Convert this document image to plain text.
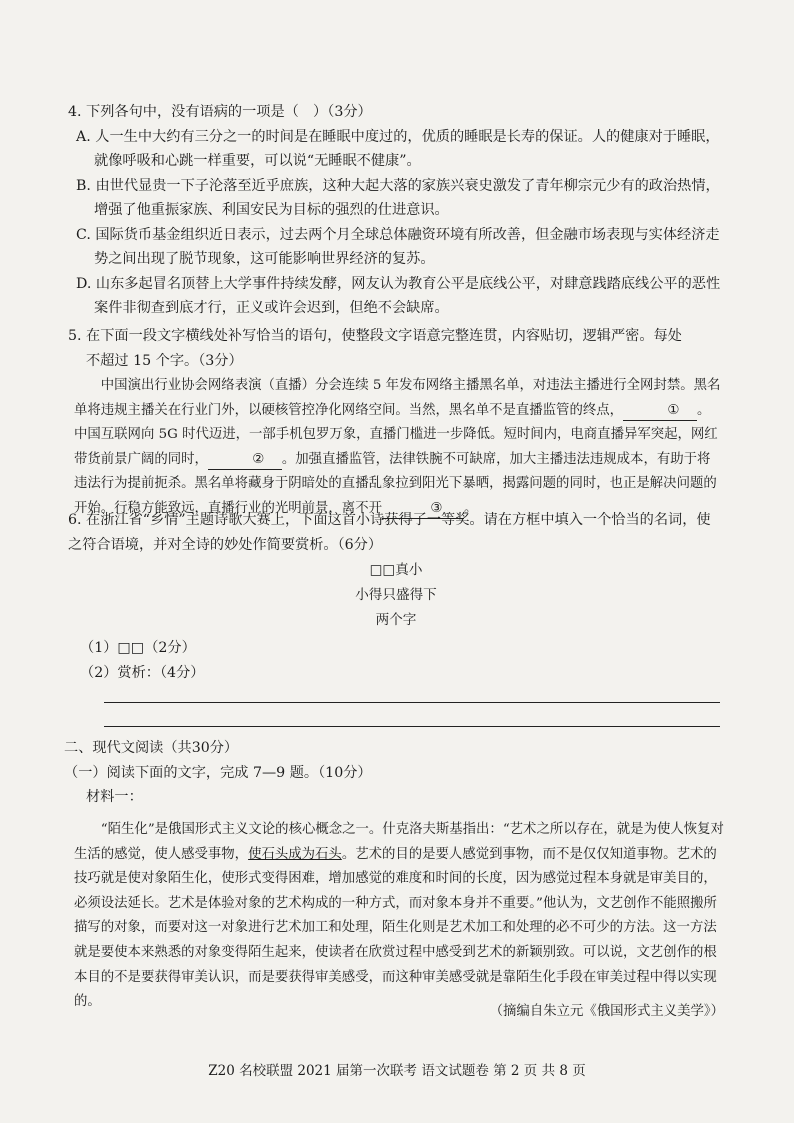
4. 下列各句中，没有语病的一项是（　）（3分）
A. 人一生中大约有三分之一的时间是在睡眠中度过的，优质的睡眠是长寿的保证。人的健康对于睡眠，就像呼吸和心跳一样重要，可以说“无睡眠不健康”。
B. 由世代显贵一下子沦落至近乎庶族，这种大起大落的家族兴衰史激发了青年柳宗元少有的政治热情，增强了他重振家族、利国安民为目标的强烈的仕进意识。
C. 国际货币基金组织近日表示，过去两个月全球总体融资环境有所改善，但金融市场表现与实体经济走势之间出现了脱节现象，这可能影响世界经济的复苏。
D. 山东多起冒名顶替上大学事件持续发酵，网友认为教育公平是底线公平，对肆意践踏底线公平的恶性案件非彻查到底才行，正义或许会迟到，但绝不会缺席。
5. 在下面一段文字横线处补写恰当的语句，使整段文字语意完整连贯，内容贴切，逻辑严密。每处
不超过 15 个字。（3分）
中国演出行业协会网络表演（直播）分会连续 5 年发布网络主播黑名单，对违法主播进行全网封禁。黑名单将违规主播关在行业门外，以硬核管控净化网络空间。当然，黑名单不是直播监管的终点，	① 。中国互联网向 5G 时代迈进，一部手机包罗万象，直播门槛进一步降低。短时间内，电商直播异军突起，网红带货前景广阔的同时，	② 。加强直播监管，法律铁腕不可缺席，加大主播违法违规成本，有助于将违法行为提前扼杀。黑名单将藏身于阴暗处的直播乱象拉到阳光下暴晒，揭露问题的同时，也正是解决问题的开始。行稳方能致远，直播行业的光明前景，离不开	③ 。
6. 在浙江省“乡情”主题诗歌大赛上，下面这首小诗获得了一等奖。请在方框中填入一个恰当的名词，使之符合语境，并对全诗的妙处作简要赏析。（6分）
□□真小
小得只盛得下
两个字
（1）□□（2分）
（2）赏析：（4分）
二、现代文阅读（共30分）
（一）阅读下面的文字，完成 7—9 题。（10分）
材料一：
“陌生化”是俄国形式主义文论的核心概念之一。什克洛夫斯基指出：“艺术之所以存在，就是为使人恢复对生活的感觉，使人感受事物，使石头成为石头。艺术的目的是要人感觉到事物，而不是仅仅知道事物。艺术的技巧就是使对象陌生化，使形式变得困难，增加感觉的难度和时间的长度，因为感觉过程本身就是审美目的，必须设法延长。艺术是体验对象的艺术构成的一种方式，而对象本身并不重要。”他认为，文艺创作不能照搬所描写的对象，而要对这一对象进行艺术加工和处理，陌生化则是艺术加工和处理的必不可少的方法。这一方法就是要使本来熟悉的对象变得陌生起来，使读者在欣赏过程中感受到艺术的新颖别致。可以说，文艺创作的根本目的不是要获得审美认识，而是要获得审美感受，而这种审美感受就是靠陌生化手段在审美过程中得以实现的。
（摘编自朱立元《俄国形式主义美学》）
Z20 名校联盟 2021 届第一次联考 语文试题卷 第 2 页 共 8 页
